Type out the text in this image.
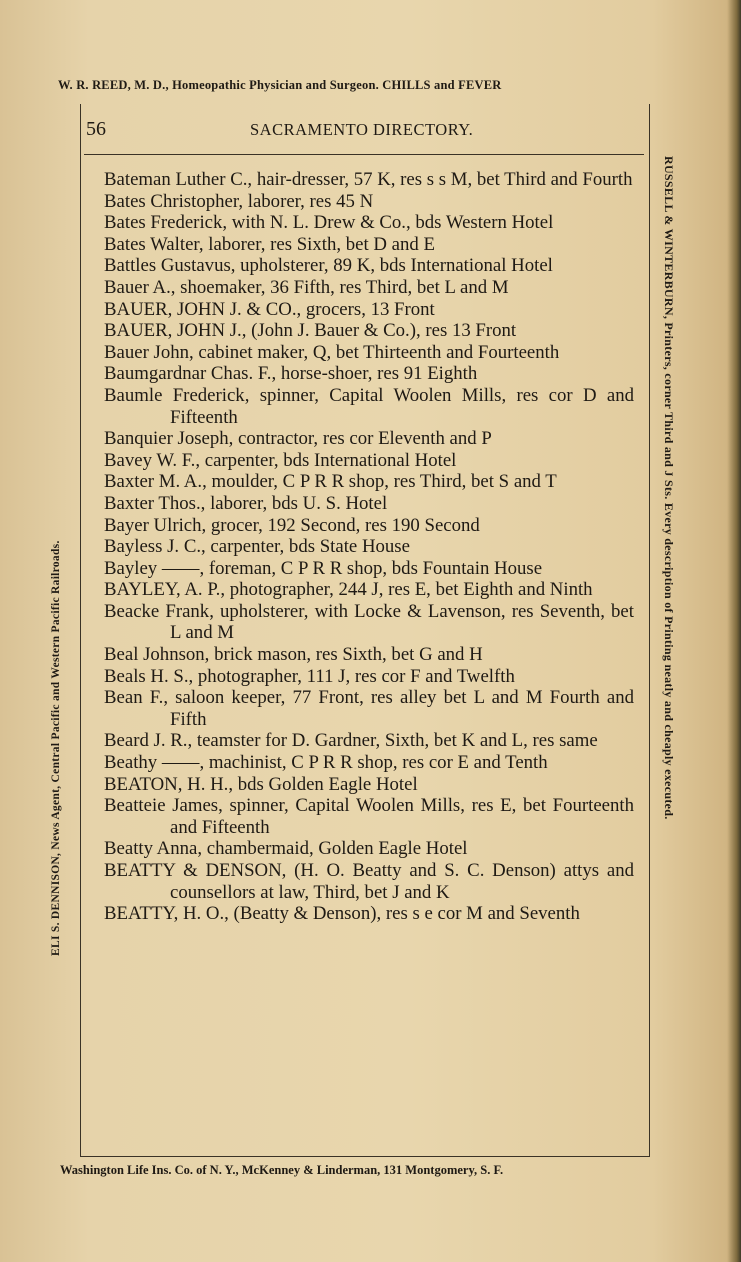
W. R. REED, M. D., Homeopathic Physician and Surgeon. CHILLS and FEVER
56	SACRAMENTO DIRECTORY.
Bateman Luther C., hair-dresser, 57 K, res s s M, bet Third and Fourth
Bates Christopher, laborer, res 45 N
Bates Frederick, with N. L. Drew & Co., bds Western Hotel
Bates Walter, laborer, res Sixth, bet D and E
Battles Gustavus, upholsterer, 89 K, bds International Hotel
Bauer A., shoemaker, 36 Fifth, res Third, bet L and M
BAUER, JOHN J. & CO., grocers, 13 Front
BAUER, JOHN J., (John J. Bauer & Co.), res 13 Front
Bauer John, cabinet maker, Q, bet Thirteenth and Fourteenth
Baumgardnar Chas. F., horse-shoer, res 91 Eighth
Baumle Frederick, spinner, Capital Woolen Mills, res cor D and Fifteenth
Banquier Joseph, contractor, res cor Eleventh and P
Bavey W. F., carpenter, bds International Hotel
Baxter M. A., moulder, C P R R shop, res Third, bet S and T
Baxter Thos., laborer, bds U. S. Hotel
Bayer Ulrich, grocer, 192 Second, res 190 Second
Bayless J. C., carpenter, bds State House
Bayley ——, foreman, C P R R shop, bds Fountain House
BAYLEY, A. P., photographer, 244 J, res E, bet Eighth and Ninth
Beacke Frank, upholsterer, with Locke & Lavenson, res Seventh, bet L and M
Beal Johnson, brick mason, res Sixth, bet G and H
Beals H. S., photographer, 111 J, res cor F and Twelfth
Bean F., saloon keeper, 77 Front, res alley bet L and M Fourth and Fifth
Beard J. R., teamster for D. Gardner, Sixth, bet K and L, res same
Beathy ——, machinist, C P R R shop, res cor E and Tenth
BEATON, H. H., bds Golden Eagle Hotel
Beatteie James, spinner, Capital Woolen Mills, res E, bet Fourteenth and Fifteenth
Beatty Anna, chambermaid, Golden Eagle Hotel
BEATTY & DENSON, (H. O. Beatty and S. C. Denson) attys and counsellors at law, Third, bet J and K
BEATTY, H. O., (Beatty & Denson), res s e cor M and Seventh
ELI S. DENNISON, News Agent, Central Pacific and Western Pacific Railroads.	RUSSELL & WINTERBURN, Printers, corner Third and J Sts. Every description of Printing neatly and cheaply executed.
Washington Life Ins. Co. of N. Y., McKenney & Linderman, 131 Montgomery, S. F.
